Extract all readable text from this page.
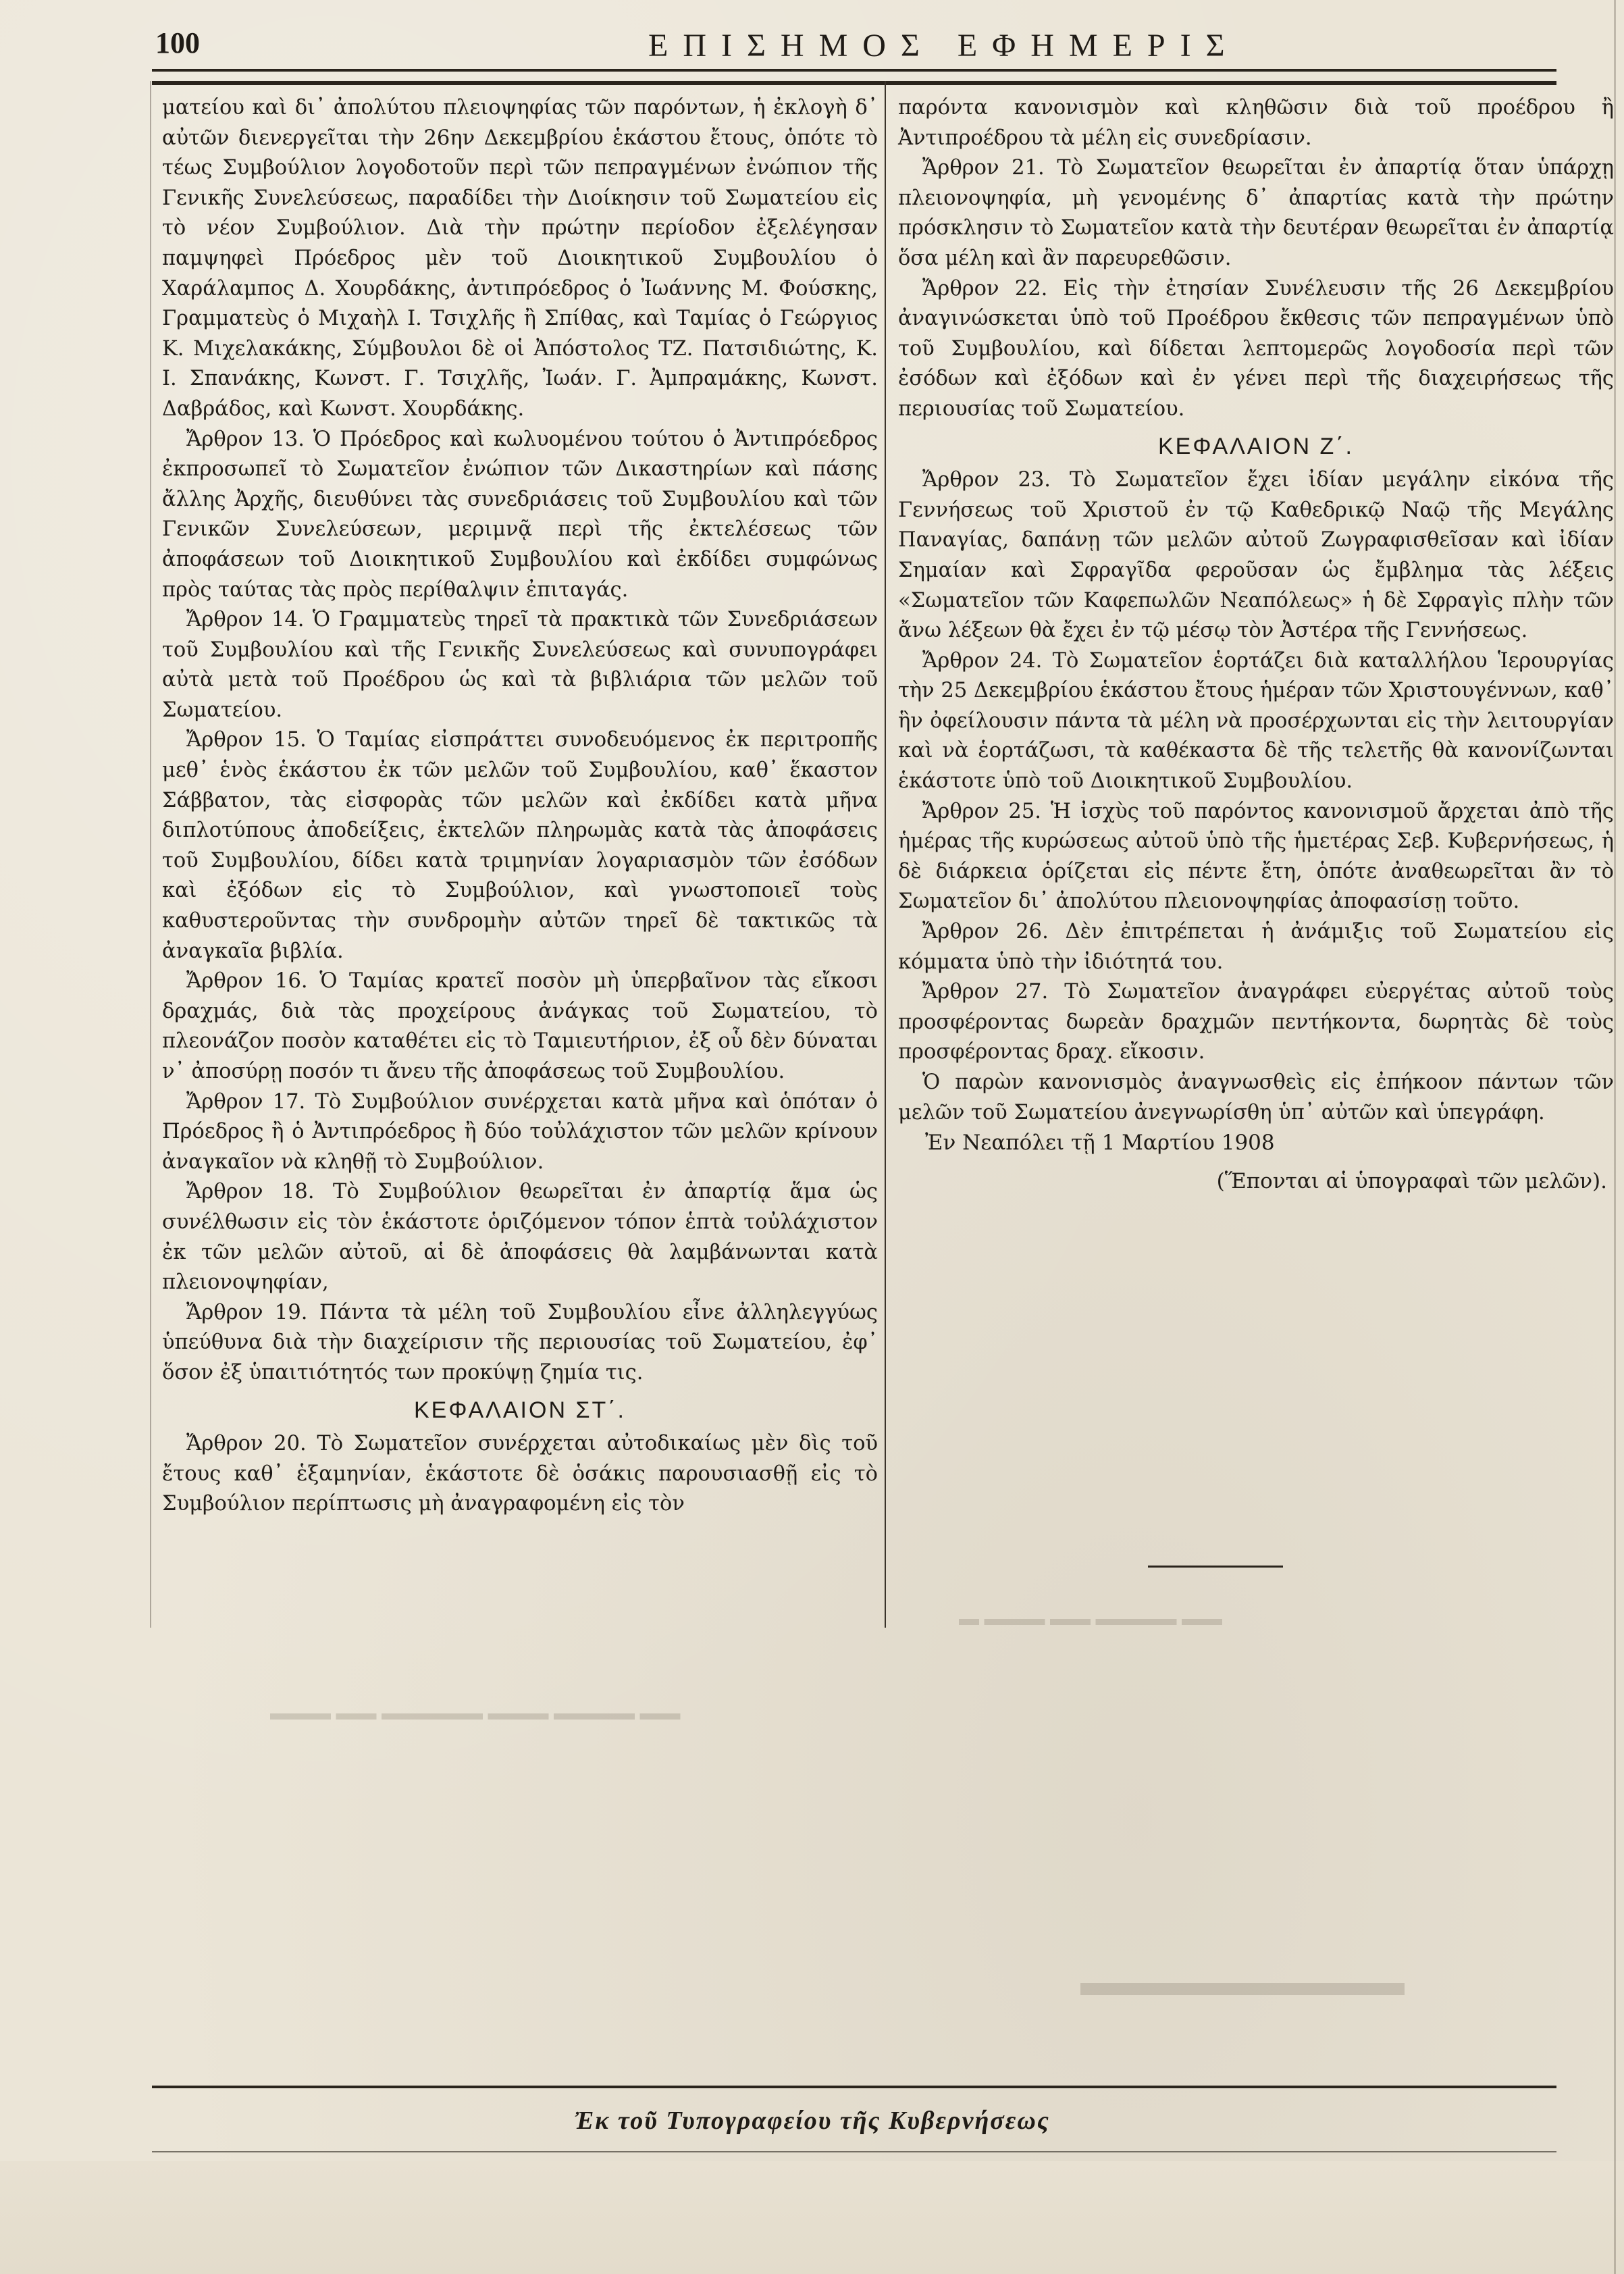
100	ΕΠΙΣΗΜΟΣ ΕΦΗΜΕΡΙΣ

ματείου καὶ δι᾽ ἀπολύτου πλειοψηφίας τῶν παρόντων, ἡ ἐκλογὴ δ᾽ αὐτῶν διενεργεῖται τὴν 26ην Δεκεμβρίου ἑκάστου ἔτους, ὁπότε τὸ τέως Συμβούλιον λογοδοτοῦν περὶ τῶν πεπραγμένων ἐνώπιον τῆς Γενικῆς Συνελεύσεως, παραδίδει τὴν Διοίκησιν τοῦ Σωματείου εἰς τὸ νέον Συμβούλιον. Διὰ τὴν πρώτην περίοδον ἐξελέγησαν παμψηφεὶ Πρόεδρος μὲν τοῦ Διοικητικοῦ Συμβουλίου ὁ Χαράλαμπος Δ. Χουρδάκης, ἀντιπρόεδρος ὁ Ἰωάννης Μ. Φούσκης, Γραμματεὺς ὁ Μιχαὴλ Ι. Τσιχλῆς ἢ Σπίθας, καὶ Ταμίας ὁ Γεώργιος Κ. Μιχελακάκης, Σύμβουλοι δὲ οἱ Ἀπόστολος ΤΖ. Πατσιδιώτης, Κ. Ι. Σπανάκης, Κωνστ. Γ. Τσιχλῆς, Ἰωάν. Γ. Ἀμπραμάκης, Κωνστ. Δαβράδος, καὶ Κωνστ. Χουρδάκης.

Ἄρθρον 13. Ὁ Πρόεδρος καὶ κωλυομένου τούτου ὁ Ἀντιπρόεδρος ἐκπροσωπεῖ τὸ Σωματεῖον ἐνώπιον τῶν Δικαστηρίων καὶ πάσης ἄλλης Ἀρχῆς, διευθύνει τὰς συνεδριάσεις τοῦ Συμβουλίου καὶ τῶν Γενικῶν Συνελεύσεων, μεριμνᾷ περὶ τῆς ἐκτελέσεως τῶν ἀποφάσεων τοῦ Διοικητικοῦ Συμβουλίου καὶ ἐκδίδει συμφώνως πρὸς ταύτας τὰς πρὸς περίθαλψιν ἐπιταγάς.

Ἄρθρον 14. Ὁ Γραμματεὺς τηρεῖ τὰ πρακτικὰ τῶν Συνεδριάσεων τοῦ Συμβουλίου καὶ τῆς Γενικῆς Συνελεύσεως καὶ συνυπογράφει αὐτὰ μετὰ τοῦ Προέδρου ὡς καὶ τὰ βιβλιάρια τῶν μελῶν τοῦ Σωματείου.

Ἄρθρον 15. Ὁ Ταμίας εἰσπράττει συνοδευόμενος ἐκ περιτροπῆς μεθ᾽ ἑνὸς ἑκάστου ἐκ τῶν μελῶν τοῦ Συμβουλίου, καθ᾽ ἕκαστον Σάββατον, τὰς εἰσφορὰς τῶν μελῶν καὶ ἐκδίδει κατὰ μῆνα διπλοτύπους ἀποδείξεις, ἐκτελῶν πληρωμὰς κατὰ τὰς ἀποφάσεις τοῦ Συμβουλίου, δίδει κατὰ τριμηνίαν λογαριασμὸν τῶν ἐσόδων καὶ ἐξόδων εἰς τὸ Συμβούλιον, καὶ γνωστοποιεῖ τοὺς καθυστεροῦντας τὴν συνδρομὴν αὐτῶν τηρεῖ δὲ τακτικῶς τὰ ἀναγκαῖα βιβλία.

Ἄρθρον 16. Ὁ Ταμίας κρατεῖ ποσὸν μὴ ὑπερβαῖνον τὰς εἴκοσι δραχμάς, διὰ τὰς προχείρους ἀνάγκας τοῦ Σωματείου, τὸ πλεονάζον ποσὸν καταθέτει εἰς τὸ Ταμιευτήριον, ἐξ οὗ δὲν δύναται ν᾽ ἀποσύρῃ ποσόν τι ἄνευ τῆς ἀποφάσεως τοῦ Συμβουλίου.

Ἄρθρον 17. Τὸ Συμβούλιον συνέρχεται κατὰ μῆνα καὶ ὁπόταν ὁ Πρόεδρος ἢ ὁ Ἀντιπρόεδρος ἢ δύο τοὐλάχιστον τῶν μελῶν κρίνουν ἀναγκαῖον νὰ κληθῇ τὸ Συμβούλιον.

Ἄρθρον 18. Τὸ Συμβούλιον θεωρεῖται ἐν ἀπαρτίᾳ ἅμα ὡς συνέλθωσιν εἰς τὸν ἑκάστοτε ὁριζόμενον τόπον ἑπτὰ τοὐλάχιστον ἐκ τῶν μελῶν αὐτοῦ, αἱ δὲ ἀποφάσεις θὰ λαμβάνωνται κατὰ πλειονοψηφίαν,

Ἄρθρον 19. Πάντα τὰ μέλη τοῦ Συμβουλίου εἶνε ἀλληλεγγύως ὑπεύθυνα διὰ τὴν διαχείρισιν τῆς περιουσίας τοῦ Σωματείου, ἐφ᾽ ὅσον ἐξ ὑπαιτιότητός των προκύψῃ ζημία τις.

ΚΕΦΑΛΑΙΟΝ ΣΤ΄.

Ἄρθρον 20. Τὸ Σωματεῖον συνέρχεται αὐτοδικαίως μὲν δὶς τοῦ ἔτους καθ᾽ ἑξαμηνίαν, ἑκάστοτε δὲ ὁσάκις παρουσιασθῇ εἰς τὸ Συμβούλιον περίπτωσις μὴ ἀναγραφομένη εἰς τὸν

παρόντα κανονισμὸν καὶ κληθῶσιν διὰ τοῦ προέδρου ἢ Ἀντιπροέδρου τὰ μέλη εἰς συνεδρίασιν.

Ἄρθρον 21. Τὸ Σωματεῖον θεωρεῖται ἐν ἀπαρτίᾳ ὅταν ὑπάρχῃ πλειονοψηφία, μὴ γενομένης δ᾽ ἀπαρτίας κατὰ τὴν πρώτην πρόσκλησιν τὸ Σωματεῖον κατὰ τὴν δευτέραν θεωρεῖται ἐν ἀπαρτίᾳ ὅσα μέλη καὶ ἂν παρευρεθῶσιν.

Ἄρθρον 22. Εἰς τὴν ἐτησίαν Συνέλευσιν τῆς 26 Δεκεμβρίου ἀναγινώσκεται ὑπὸ τοῦ Προέδρου ἔκθεσις τῶν πεπραγμένων ὑπὸ τοῦ Συμβουλίου, καὶ δίδεται λεπτομερῶς λογοδοσία περὶ τῶν ἐσόδων καὶ ἐξόδων καὶ ἐν γένει περὶ τῆς διαχειρήσεως τῆς περιουσίας τοῦ Σωματείου.

ΚΕΦΑΛΑΙΟΝ Ζ΄.

Ἄρθρον 23. Τὸ Σωματεῖον ἔχει ἰδίαν μεγάλην εἰκόνα τῆς Γεννήσεως τοῦ Χριστοῦ ἐν τῷ Καθεδρικῷ Ναῷ τῆς Μεγάλης Παναγίας, δαπάνῃ τῶν μελῶν αὐτοῦ Ζωγραφισθεῖσαν καὶ ἰδίαν Σημαίαν καὶ Σφραγῖδα φεροῦσαν ὡς ἔμβλημα τὰς λέξεις «Σωματεῖον τῶν Καφεπωλῶν Νεαπόλεως» ἡ δὲ Σφραγὶς πλὴν τῶν ἄνω λέξεων θὰ ἔχει ἐν τῷ μέσῳ τὸν Ἀστέρα τῆς Γεννήσεως.

Ἄρθρον 24. Τὸ Σωματεῖον ἑορτάζει διὰ καταλλήλου Ἱερουργίας τὴν 25 Δεκεμβρίου ἑκάστου ἔτους ἡμέραν τῶν Χριστουγέννων, καθ᾽ ἣν ὀφείλουσιν πάντα τὰ μέλη νὰ προσέρχωνται εἰς τὴν λειτουργίαν καὶ νὰ ἑορτάζωσι, τὰ καθέκαστα δὲ τῆς τελετῆς θὰ κανονίζωνται ἑκάστοτε ὑπὸ τοῦ Διοικητικοῦ Συμβουλίου.

Ἄρθρον 25. Ἡ ἰσχὺς τοῦ παρόντος κανονισμοῦ ἄρχεται ἀπὸ τῆς ἡμέρας τῆς κυρώσεως αὐτοῦ ὑπὸ τῆς ἡμετέρας Σεβ. Κυβερνήσεως, ἡ δὲ διάρκεια ὁρίζεται εἰς πέντε ἔτη, ὁπότε ἀναθεωρεῖται ἂν τὸ Σωματεῖον δι᾽ ἀπολύτου πλειονοψηφίας ἀποφασίσῃ τοῦτο.

Ἄρθρον 26. Δὲν ἐπιτρέπεται ἡ ἀνάμιξις τοῦ Σωματείου εἰς κόμματα ὑπὸ τὴν ἰδιότητά του.

Ἄρθρον 27. Τὸ Σωματεῖον ἀναγράφει εὐεργέτας αὐτοῦ τοὺς προσφέροντας δωρεὰν δραχμῶν πεντήκοντα, δωρητὰς δὲ τοὺς προσφέροντας δραχ. εἴκοσιν.

Ὁ παρὼν κανονισμὸς ἀναγνωσθεὶς εἰς ἐπήκοον πάντων τῶν μελῶν τοῦ Σωματείου ἀνεγνωρίσθη ὑπ᾽ αὐτῶν καὶ ὑπεγράφη.

Ἐν Νεαπόλει τῇ 1 Μαρτίου 1908

(Ἕπονται αἱ ὑπογραφαὶ τῶν μελῶν).

▬ ▬▬▬ ▬▬ ▬▬▬▬ ▬▬
▬▬▬▬▬▬▬▬
▬▬▬ ▬▬ ▬▬▬▬▬ ▬▬▬ ▬▬▬▬ ▬▬
Ἐκ τοῦ Τυπογραφείου τῆς Κυβερνήσεως
